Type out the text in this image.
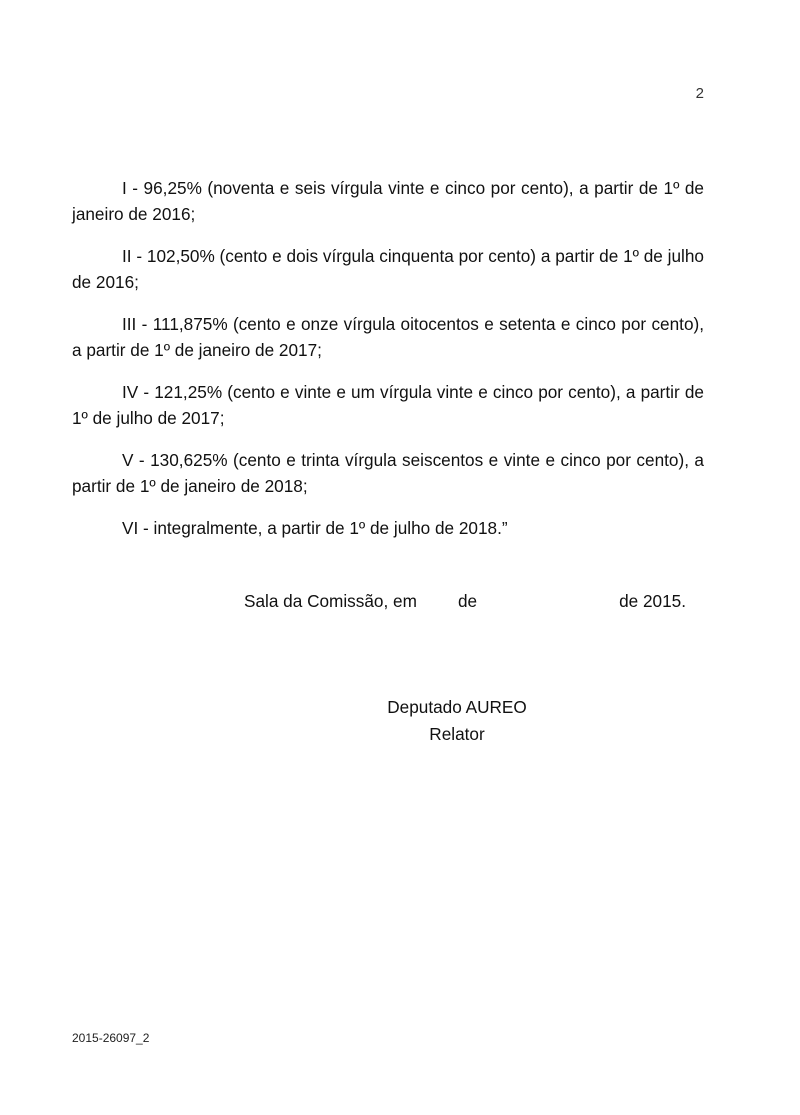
2

I - 96,25% (noventa e seis vírgula vinte e cinco por cento), a partir de 1º de janeiro de 2016;

II - 102,50% (cento e dois vírgula cinquenta por cento) a partir de 1º de julho de 2016;

III - 111,875% (cento e onze vírgula oitocentos e setenta e cinco por cento), a partir de 1º de janeiro de 2017;

IV - 121,25% (cento e vinte e um vírgula vinte e cinco por cento), a partir de 1º de julho de 2017;

V - 130,625% (cento e trinta vírgula seiscentos e vinte e cinco por cento), a partir de 1º de janeiro de 2018;

VI - integralmente, a partir de 1º de julho de 2018.”

Sala da Comissão, em de	de 2015.
Deputado AUREO
Relator
2015-26097_2
